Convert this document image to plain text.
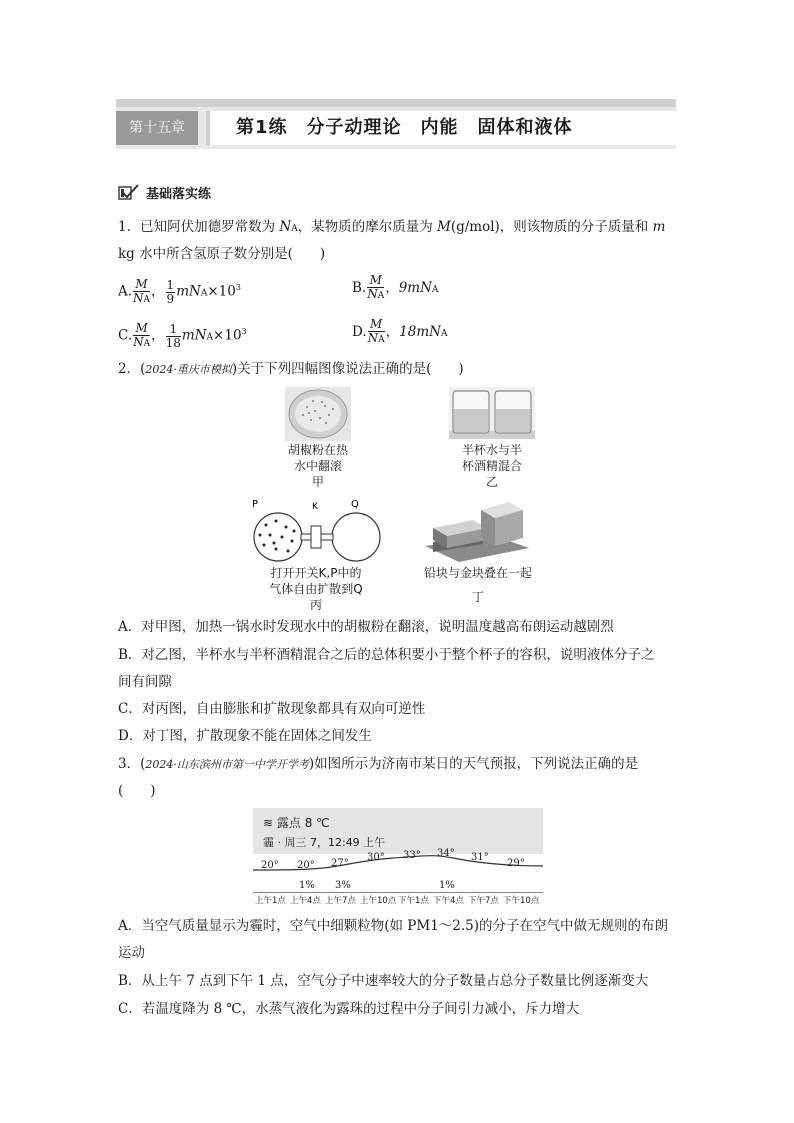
第十五章	第1练　分子动理论　内能　固体和液体
基础落实练
1．已知阿伏加德罗常数为 NA，某物质的摩尔质量为 M(g/mol)，则该物质的分子质量和 m
kg 水中所含氢原子数分别是(　　)
A. $\frac{M}{NA}$ ， $\frac{1}{9} mNA\times 10^3$	B. $\frac{M}{NA}$ ，9mNA
C. $\frac{M}{NA}$ ， $\frac{1}{18} mNA\times 10^3$	D. $\frac{M}{NA}$ ，18mNA
2．(2024·重庆市模拟)关于下列四幅图像说法正确的是(　　)
胡椒粉在热
水中翻滚
甲
半杯水与半
杯酒精混合
乙
P	K	Q
打开开关K,P中的
气体自由扩散到Q
丙
铅块与金块叠在一起
丁
A．对甲图，加热一锅水时发现水中的胡椒粉在翻滚，说明温度越高布朗运动越剧烈
B．对乙图，半杯水与半杯酒精混合之后的总体积要小于整个杯子的容积，说明液体分子之
间有间隙
C．对丙图，自由膨胀和扩散现象都具有双向可逆性
D．对丁图，扩散现象不能在固体之间发生
3．(2024·山东滨州市第一中学开学考)如图所示为济南市某日的天气预报，下列说法正确的是
(　　)
≋ 露点 8 ℃
霾 · 周三 7，12:49 上午
20° 20° 27°
30° 33° 34° 31°
29°
1% 3%	1%
上午1点 上午4点 上午7点 上午10点 下午1点 下午4点 下午7点 下午10点
A．当空气质量显示为霾时，空气中细颗粒物(如 PM1～2.5)的分子在空气中做无规则的布朗
运动
B．从上午 7 点到下午 1 点，空气分子中速率较大的分子数量占总分子数量比例逐渐变大
C．若温度降为 8 ℃，水蒸气液化为露珠的过程中分子间引力减小，斥力增大
